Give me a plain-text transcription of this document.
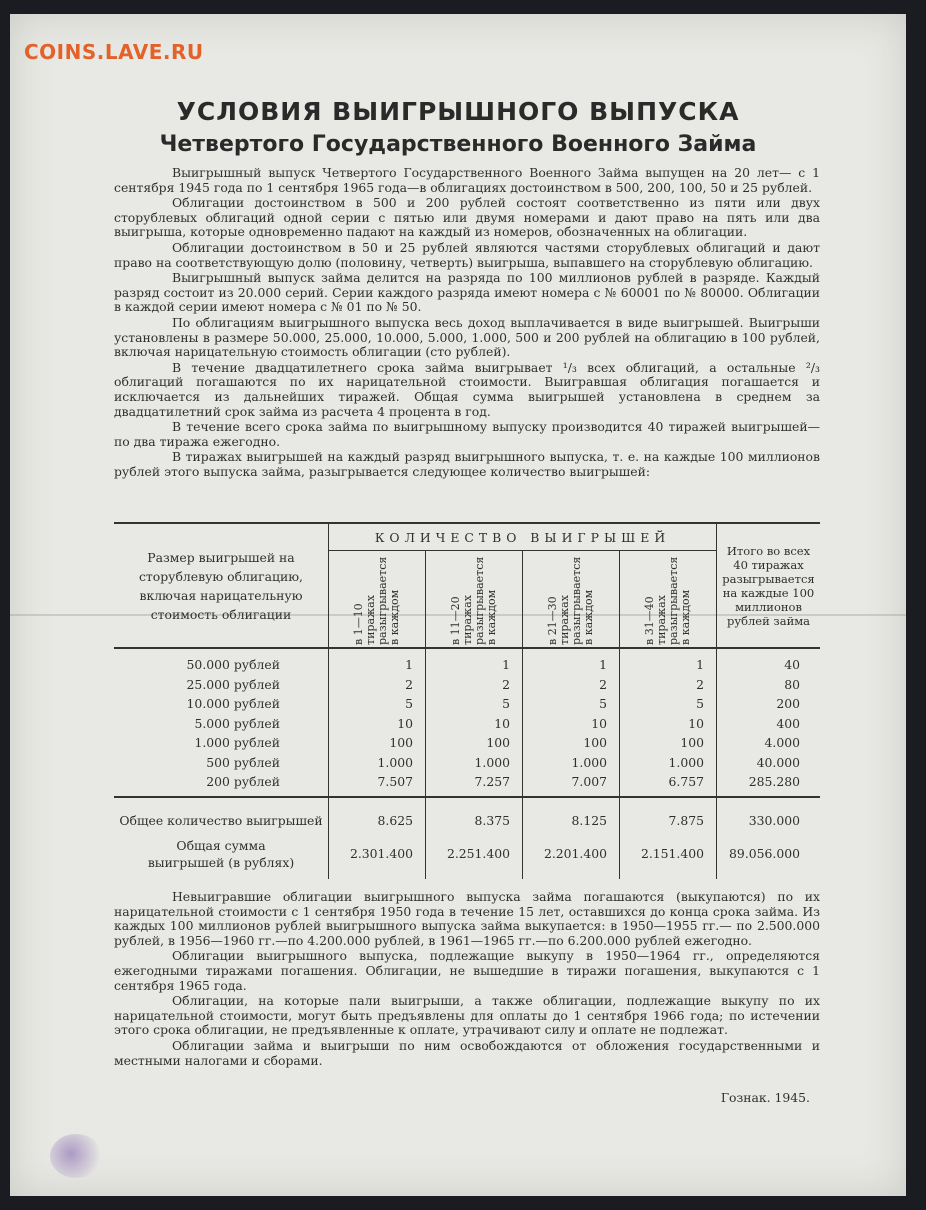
COINS.LAVE.RU
УСЛОВИЯ ВЫИГРЫШНОГО ВЫПУСКА
Четвертого Государственного Военного Займа

Выигрышный выпуск Четвертого Государственного Военного Займа выпущен на 20 лет— с 1 сентября 1945 года по 1 сентября 1965 года—в облигациях достоинством в 500, 200, 100, 50 и 25 рублей.

Облигации достоинством в 500 и 200 рублей состоят соответственно из пяти или двух сторублевых облигаций одной серии с пятью или двумя номерами и дают право на пять или два выигрыша, которые одновременно падают на каждый из номеров, обозначенных на облигации.

Облигации достоинством в 50 и 25 рублей являются частями сторублевых облигаций и дают право на соответствующую долю (половину, четверть) выигрыша, выпавшего на сторублевую облигацию.

Выигрышный выпуск займа делится на разряда по 100 миллионов рублей в разряде. Каждый разряд состоит из 20.000 серий. Серии каждого разряда имеют номера с № 60001 по № 80000. Облигации в каждой серии имеют номера с № 01 по № 50.

По облигациям выигрышного выпуска весь доход выплачивается в виде выигрышей. Выигрыши установлены в размере 50.000, 25.000, 10.000, 5.000, 1.000, 500 и 200 рублей на облигацию в 100 рублей, включая нарицательную стоимость облигации (сто рублей).

В течение двадцатилетнего срока займа выигрывает ¹/₃ всех облигаций, а остальные ²/₃ облигаций погашаются по их нарицательной стоимости. Выигравшая облигация погашается и исключается из дальнейших тиражей. Общая сумма выигрышей установлена в среднем за двадцатилетний срок займа из расчета 4 процента в год.

В течение всего срока займа по выигрышному выпуску производится 40 тиражей выигрышей— по два тиража ежегодно.

В тиражах выигрышей на каждый разряд выигрышного выпуска, т. е. на каждые 100 миллионов рублей этого выпуска займа, разыгрывается следующее количество выигрышей:

Размер выигрышей на сторублевую облигацию, включая нарицательную стоимость облигации	КОЛИЧЕСТВО ВЫИГРЫШЕЙ				Итого во всех 40 тиражах разыгрывается на каждые 100 миллионов рублей займа

	в 1—10 тиражах разыгрывается в каждом	в 11—20 тиражах разыгрывается в каждом	в 21—30 тиражах разыгрывается в каждом	в 31—40 тиражах разыгрывается в каждом	

50.000 рублей	1	1	1	1	40
25.000 рублей	2	2	2	2	80
10.000 рублей	5	5	5	5	200
5.000 рублей	10	10	10	10	400
1.000 рублей	100	100	100	100	4.000
500 рублей	1.000	1.000	1.000	1.000	40.000
200 рублей	7.507	7.257	7.007	6.757	285.280
Общее количество выигрышей	8.625	8.375	8.125	7.875	330.000
Общая сумма выигрышей (в рублях)	2.301.400	2.251.400	2.201.400	2.151.400	89.056.000

Невыигравшие облигации выигрышного выпуска займа погашаются (выкупаются) по их нарицательной стоимости с 1 сентября 1950 года в течение 15 лет, оставшихся до конца срока займа. Из каждых 100 миллионов рублей выигрышного выпуска займа выкупается: в 1950—1955 гг.— по 2.500.000 рублей, в 1956—1960 гг.—по 4.200.000 рублей, в 1961—1965 гг.—по 6.200.000 рублей ежегодно.

Облигации выигрышного выпуска, подлежащие выкупу в 1950—1964 гг., определяются ежегодными тиражами погашения. Облигации, не вышедшие в тиражи погашения, выкупаются с 1 сентября 1965 года.

Облигации, на которые пали выигрыши, а также облигации, подлежащие выкупу по их нарицательной стоимости, могут быть предъявлены для оплаты до 1 сентября 1966 года; по истечении этого срока облигации, не предъявленные к оплате, утрачивают силу и оплате не подлежат.

Облигации займа и выигрыши по ним освобождаются от обложения государственными и местными налогами и сборами.

Гознак. 1945.
